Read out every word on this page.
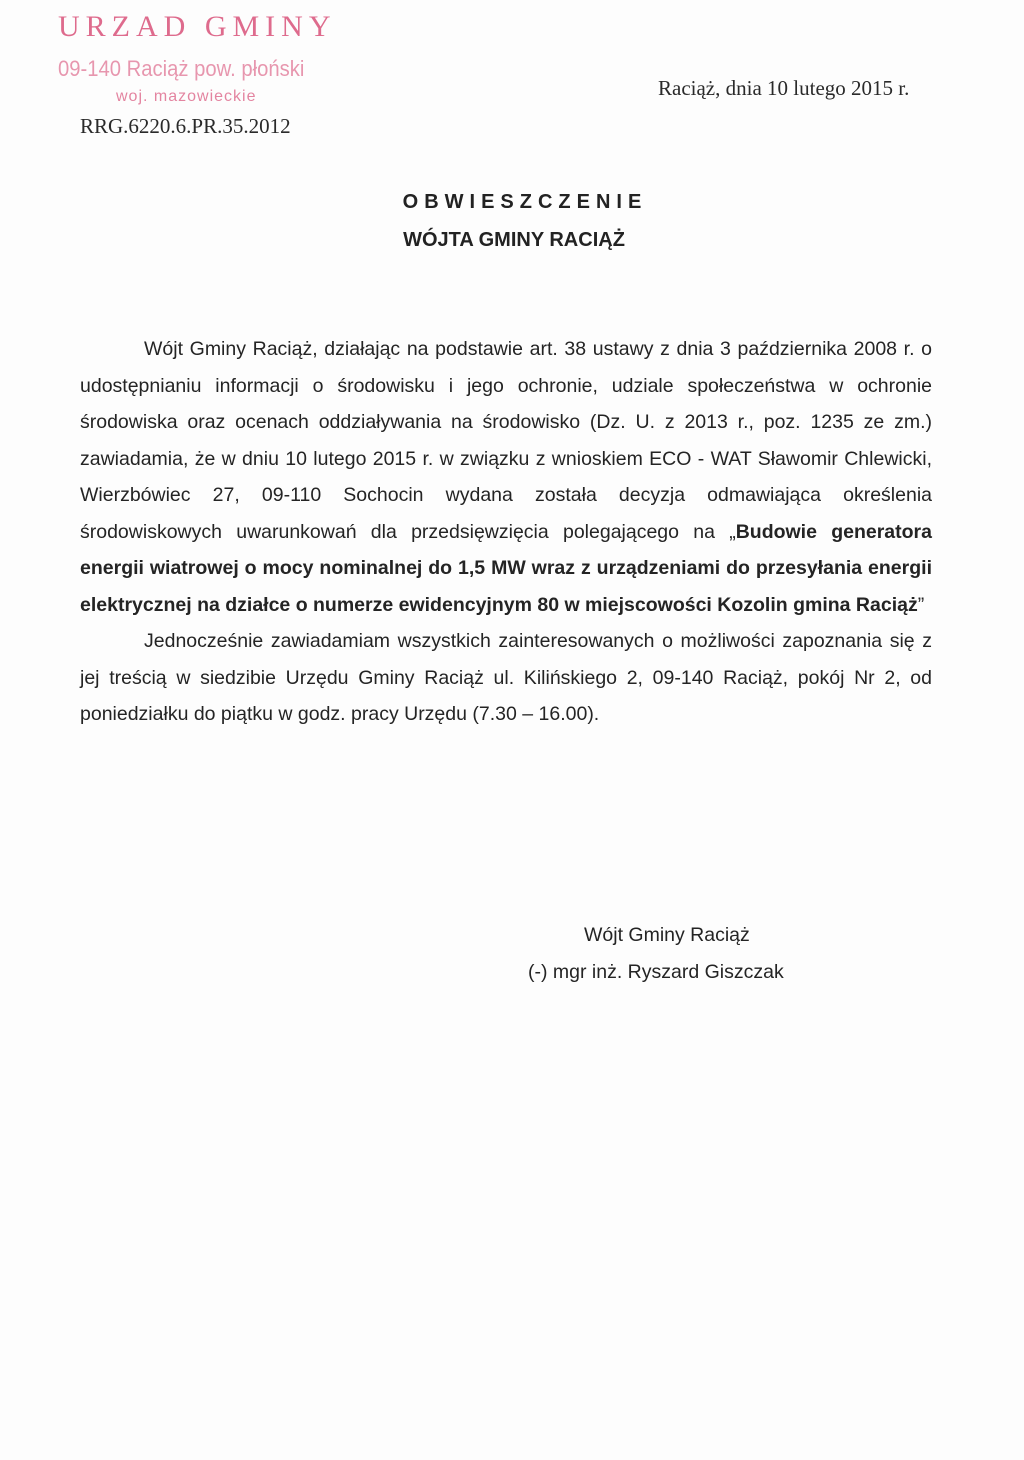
URZAD GMINY
09-140 Raciąż pow. płoński
woj. mazowieckie
RRG.6220.6.PR.35.2012
Raciąż, dnia 10 lutego 2015 r.
OBWIESZCZENIE
WÓJTA GMINY RACIĄŻ

Wójt Gminy Raciąż, działając na podstawie art. 38 ustawy z dnia 3 października 2008 r. o udostępnianiu informacji o środowisku i jego ochronie, udziale społeczeństwa w ochronie środowiska oraz ocenach oddziaływania na środowisko (Dz. U. z 2013 r., poz. 1235 ze zm.) zawiadamia, że w dniu 10 lutego 2015 r. w związku z wnioskiem ECO - WAT Sławomir Chlewicki, Wierzbówiec 27, 09-110 Sochocin wydana została decyzja odmawiająca określenia środowiskowych uwarunkowań dla przedsięwzięcia polegającego na „Budowie generatora energii wiatrowej o mocy nominalnej do 1,5 MW wraz z urządzeniami do przesyłania energii elektrycznej na działce o numerze ewidencyjnym 80 w miejscowości Kozolin gmina Raciąż”

Jednocześnie zawiadamiam wszystkich zainteresowanych o możliwości zapoznania się z jej treścią w siedzibie Urzędu Gminy Raciąż ul. Kilińskiego 2, 09-140 Raciąż, pokój Nr 2, od poniedziałku do piątku w godz. pracy Urzędu (7.30 – 16.00).

Wójt Gminy Raciąż
(-) mgr inż. Ryszard Giszczak
